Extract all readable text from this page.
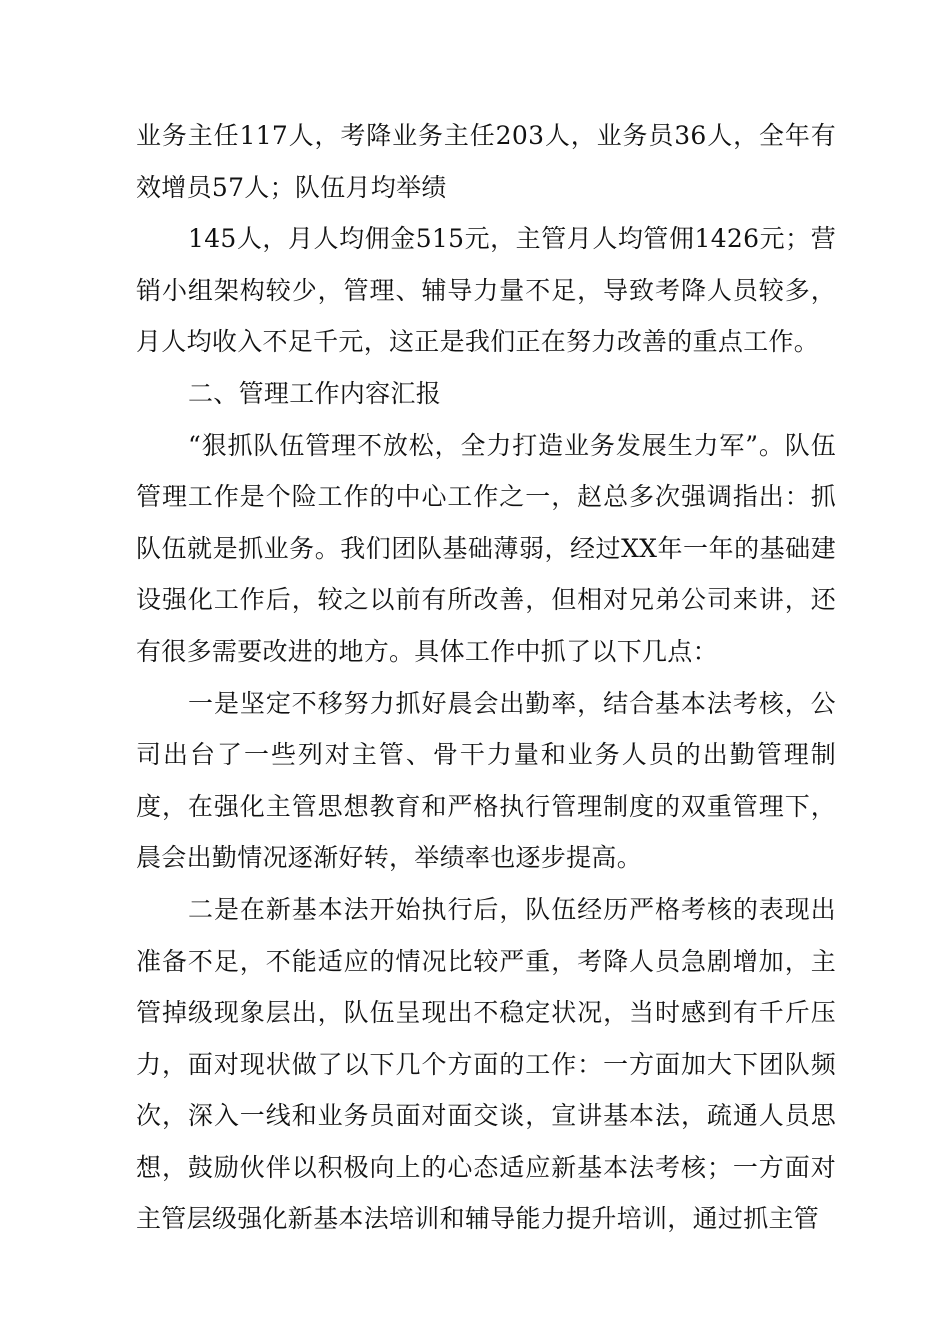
业务主任117人，考降业务主任203人，业务员36人，全年有效增员57人；队伍月均举绩

145人，月人均佣金515元，主管月人均管佣1426元；营销小组架构较少，管理、辅导力量不足，导致考降人员较多，月人均收入不足千元，这正是我们正在努力改善的重点工作。

二、管理工作内容汇报

“狠抓队伍管理不放松，全力打造业务发展生力军”。队伍管理工作是个险工作的中心工作之一，赵总多次强调指出：抓队伍就是抓业务。我们团队基础薄弱，经过XX年一年的基础建设强化工作后，较之以前有所改善，但相对兄弟公司来讲，还有很多需要改进的地方。具体工作中抓了以下几点：

一是坚定不移努力抓好晨会出勤率，结合基本法考核，公司出台了一些列对主管、骨干力量和业务人员的出勤管理制度，在强化主管思想教育和严格执行管理制度的双重管理下，晨会出勤情况逐渐好转，举绩率也逐步提高。

二是在新基本法开始执行后，队伍经历严格考核的表现出准备不足，不能适应的情况比较严重，考降人员急剧增加，主管掉级现象层出，队伍呈现出不稳定状况，当时感到有千斤压力，面对现状做了以下几个方面的工作：一方面加大下团队频次，深入一线和业务员面对面交谈，宣讲基本法，疏通人员思想，鼓励伙伴以积极向上的心态适应新基本法考核；一方面对主管层级强化新基本法培训和辅导能力提升培训，通过抓主管
